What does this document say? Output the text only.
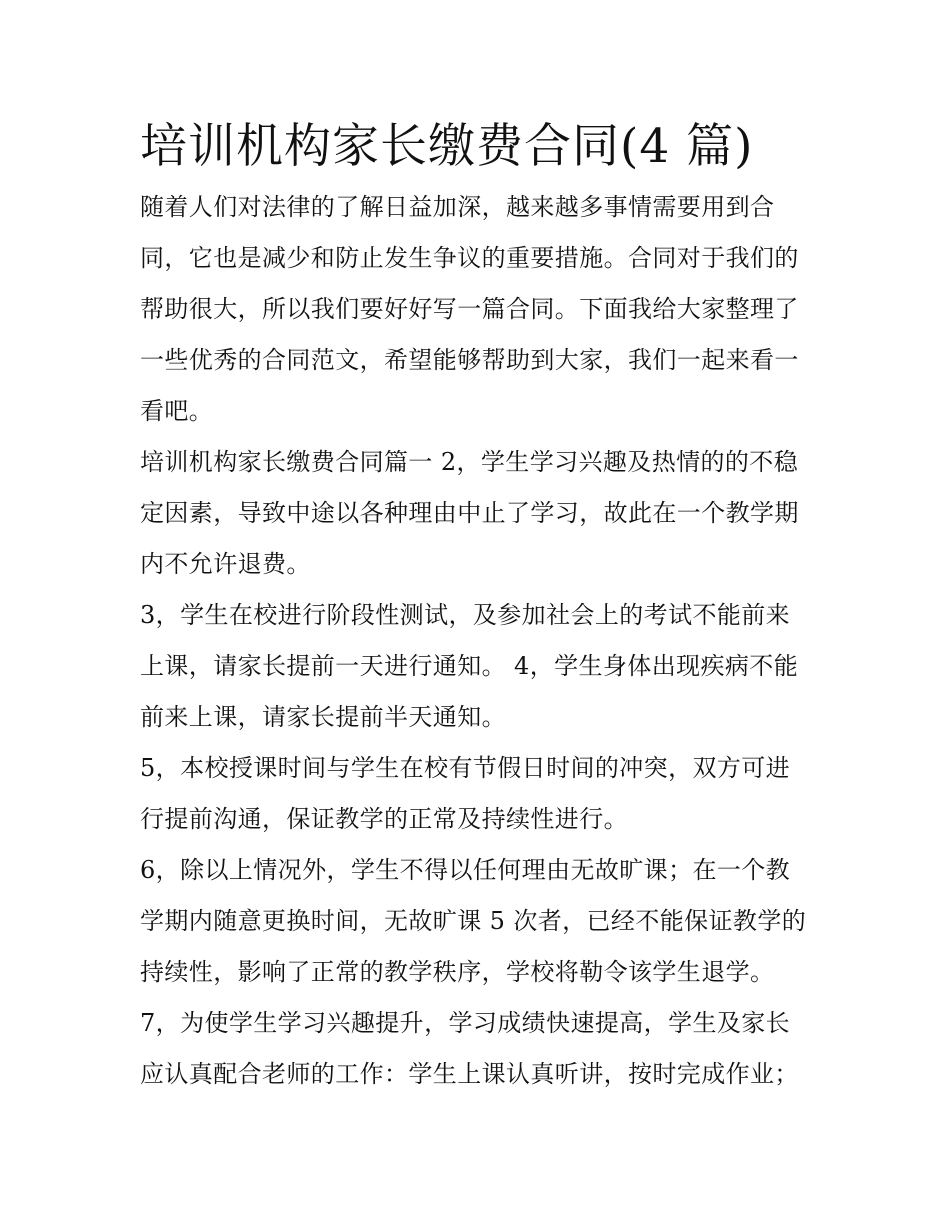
培训机构家长缴费合同(4 篇)

随着人们对法律的了解日益加深，越来越多事情需要用到合
同，它也是减少和防止发生争议的重要措施。合同对于我们的
帮助很大，所以我们要好好写一篇合同。下面我给大家整理了
一些优秀的合同范文，希望能够帮助到大家，我们一起来看一
看吧。

培训机构家长缴费合同篇一 2，学生学习兴趣及热情的的不稳
定因素，导致中途以各种理由中止了学习，故此在一个教学期
内不允许退费。

3，学生在校进行阶段性测试，及参加社会上的考试不能前来
上课，请家长提前一天进行通知。 4，学生身体出现疾病不能
前来上课，请家长提前半天通知。

5，本校授课时间与学生在校有节假日时间的冲突，双方可进
行提前沟通，保证教学的正常及持续性进行。

6，除以上情况外，学生不得以任何理由无故旷课；在一个教
学期内随意更换时间，无故旷课 5 次者，已经不能保证教学的
持续性，影响了正常的教学秩序，学校将勒令该学生退学。

7，为使学生学习兴趣提升，学习成绩快速提高，学生及家长
应认真配合老师的工作：学生上课认真听讲，按时完成作业；
